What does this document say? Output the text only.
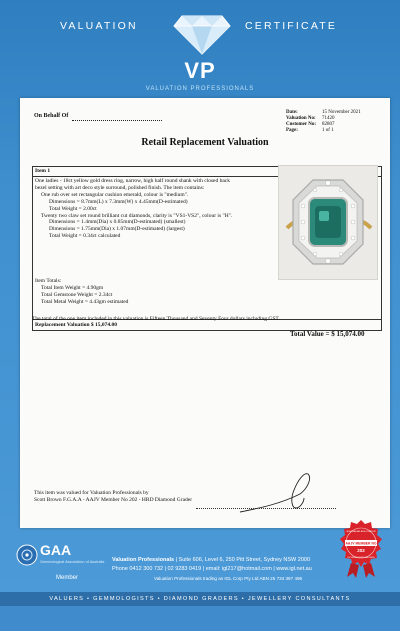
VALUATION	CERTIFICATE
VP
VALUATION PROFESSIONALS
On Behalf Of
Date:	15 November 2021
Valuation No:	71420
Customer No:	82807
Page:	1 of 1
Retail Replacement Valuation
Item 1
One ladies - 18ct yellow gold dress ring, narrow, high half round shank with closed back
bezel setting with art deco style surround, polished finish. The item contains:
One rub over set rectangular cushion emerald, colour is "medium".
Dimensions = 8.7mm(L) x 7.3mm(W) x 4.45mm(D-estimated)
Total Weight = 2.00ct
Twenty two claw set round brilliant cut diamonds, clarity is "VS1-VS2", colour is "H".
Dimensions = 1.4mm(Dia) x 0.85mm(D-estimated) (smallest)
Dimensions = 1.75mm(Dia) x 1.07mm(D-estimated) (largest)
Total Weight = 0.34ct calculated
Item Totals:
Total Item Weight = 4.90gm
Total Gemstone Weight = 2.34ct
Total Metal Weight = 4.43gm estimated
Replacement Valuation $ 15,074.00
The total of the one item included in this valuation is Fifteen Thousand and Seventy Four dollars including GST.
Total Value = $ 15,074.00
This item was valued for Valuation Professionals by
Scott Brown F.G.A.A - AAJV Member No 202 - HRD Diamond Grader
GAA
Gemmological Association of Australia
Member
Valuation Professionals | Suite 606, Level 6, 250 Pitt Street, Sydney NSW 2000
Phone 0412 300 732 | 02 9283 0419 | email: igl217@hotmail.com | www.igl.net.au
Valuation Professionals trading as IGL Corp Pty Ltd ABN 25 734 397 496
AAJV MEMBER NO
202
AUSTRALIAN ASSOCIATION
OF JEWELLERY VALUERS
VALUERS • GEMMOLOGISTS • DIAMOND GRADERS • JEWELLERY CONSULTANTS
